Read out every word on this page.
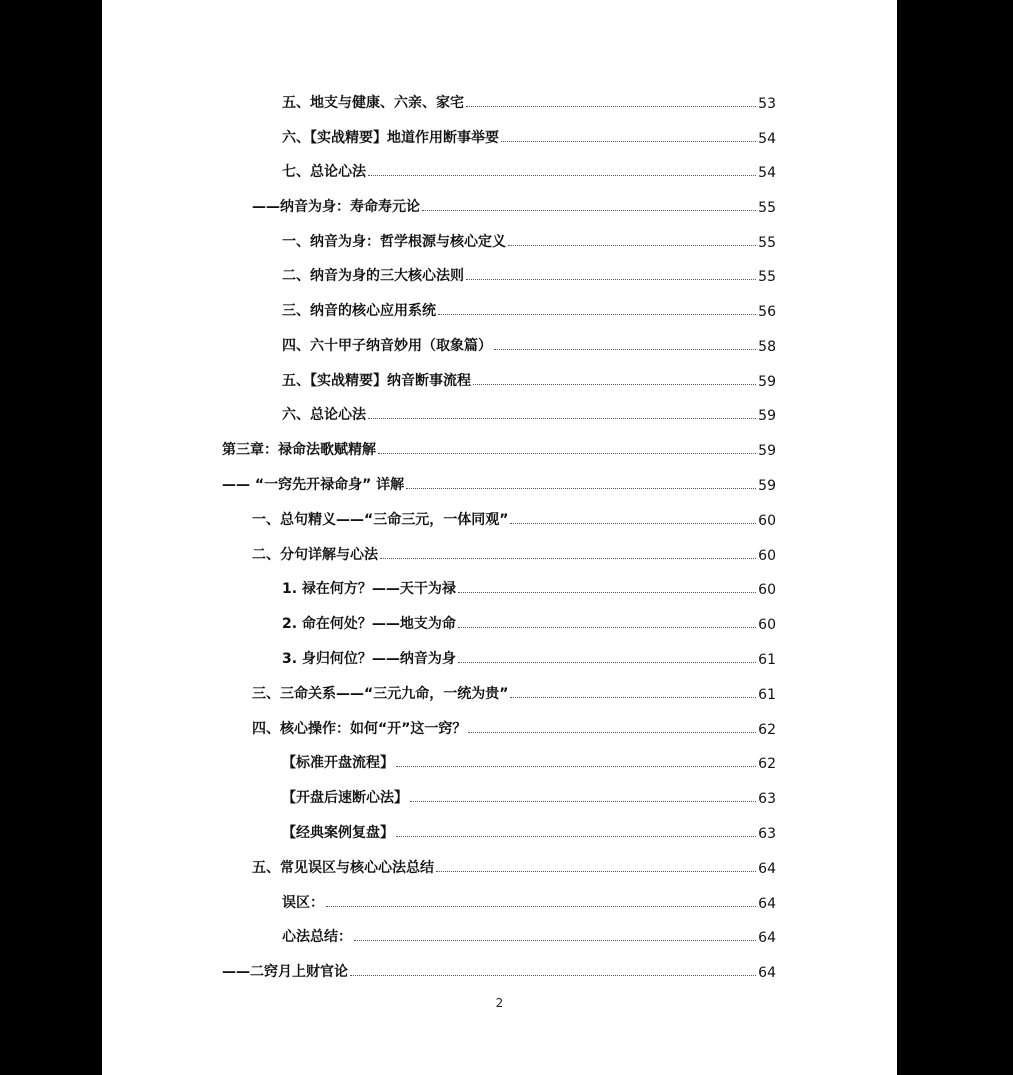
五、地支与健康、六亲、家宅	53
六、【实战精要】地道作用断事举要	54
七、总论心法	54
——纳音为身：寿命寿元论	55
一、纳音为身：哲学根源与核心定义	55
二、纳音为身的三大核心法则	55
三、纳音的核心应用系统	56
四、六十甲子纳音妙用（取象篇）	58
五、【实战精要】纳音断事流程	59
六、总论心法	59
第三章：禄命法歌赋精解	59
—— “一窍先开禄命身” 详解	59
一、总句精义——“三命三元，一体同观”	60
二、分句详解与心法	60
1. 禄在何方？——天干为禄	60
2. 命在何处？——地支为命	60
3. 身归何位？——纳音为身	61
三、三命关系——“三元九命，一统为贵”	61
四、核心操作：如何“开”这一窍？	62
【标准开盘流程】	62
【开盘后速断心法】	63
【经典案例复盘】	63
五、常见误区与核心心法总结	64
误区：	64
心法总结：	64
——二窍月上财官论	64
2
